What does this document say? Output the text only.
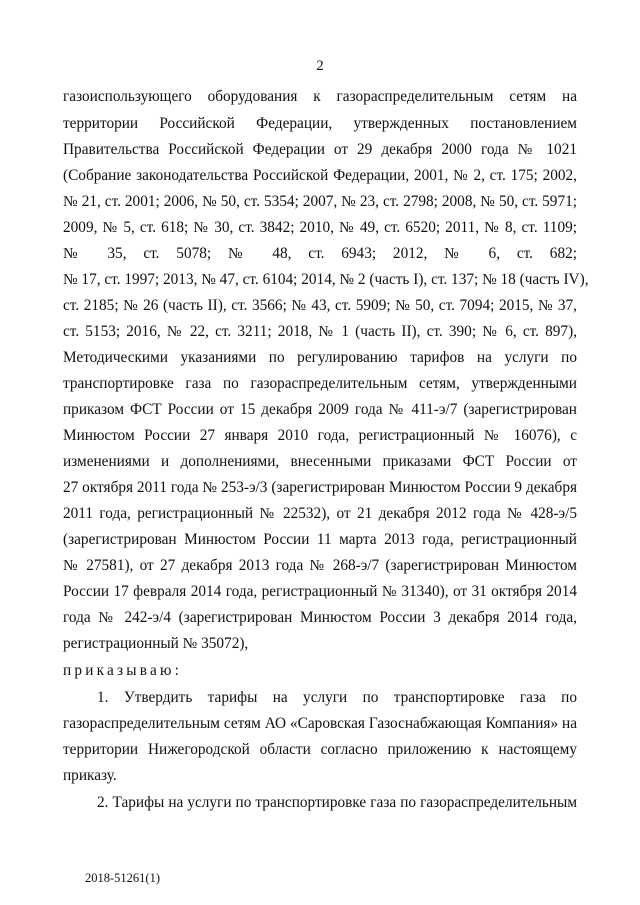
2
газоиспользующего оборудования к газораспределительным сетям на
территории Российской Федерации, утвержденных постановлением
Правительства Российской Федерации от 29 декабря 2000 года № 1021
(Собрание законодательства Российской Федерации, 2001, № 2, ст. 175; 2002,
№ 21, ст. 2001; 2006, № 50, ст. 5354; 2007, № 23, ст. 2798; 2008, № 50, ст. 5971;
2009, № 5, ст. 618; № 30, ст. 3842; 2010, № 49, ст. 6520; 2011, № 8, ст. 1109;
№ 35, ст. 5078; № 48, ст. 6943; 2012, № 6, ст. 682;
№ 17, ст. 1997; 2013, № 47, ст. 6104; 2014, № 2 (часть I), ст. 137; № 18 (часть IV),
ст. 2185; № 26 (часть II), ст. 3566; № 43, ст. 5909; № 50, ст. 7094; 2015, № 37,
ст. 5153; 2016, № 22, ст. 3211; 2018, № 1 (часть II), ст. 390; № 6, ст. 897),
Методическими указаниями по регулированию тарифов на услуги по
транспортировке газа по газораспределительным сетям, утвержденными
приказом ФСТ России от 15 декабря 2009 года № 411-э/7 (зарегистрирован
Минюстом России 27 января 2010 года, регистрационный № 16076), с
изменениями и дополнениями, внесенными приказами ФСТ России от
27 октября 2011 года № 253-э/3 (зарегистрирован Минюстом России 9 декабря
2011 года, регистрационный № 22532), от 21 декабря 2012 года № 428-э/5
(зарегистрирован Минюстом России 11 марта 2013 года, регистрационный
№ 27581), от 27 декабря 2013 года № 268-э/7 (зарегистрирован Минюстом
России 17 февраля 2014 года, регистрационный № 31340), от 31 октября 2014
года № 242-э/4 (зарегистрирован Минюстом России 3 декабря 2014 года,
регистрационный № 35072),
приказываю:
1. Утвердить тарифы на услуги по транспортировке газа по
газораспределительным сетям АО «Саровская Газоснабжающая Компания» на
территории Нижегородской области согласно приложению к настоящему
приказу.
2. Тарифы на услуги по транспортировке газа по газораспределительным
2018-51261(1)
